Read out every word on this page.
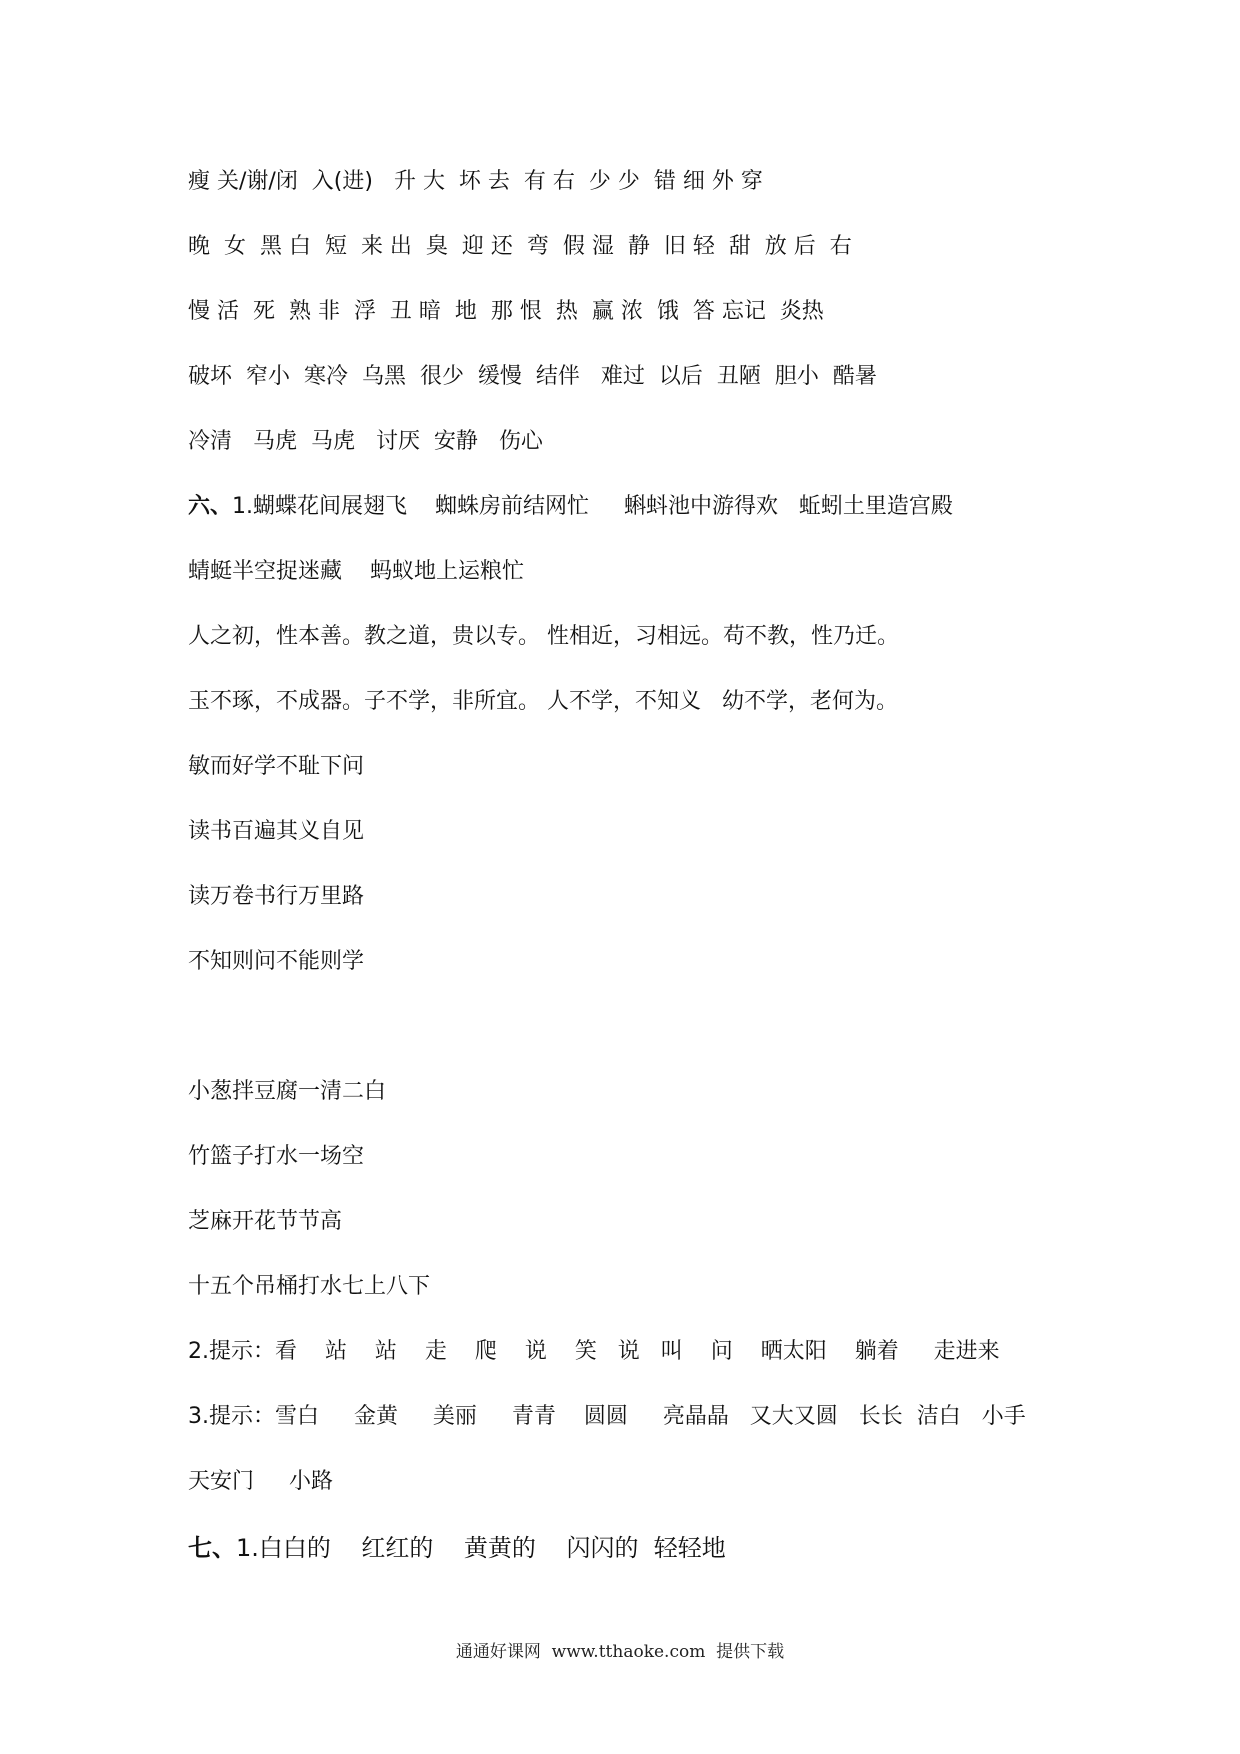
瘦 关/谢/闭  入(进)   升 大  坏 去  有 右  少 少  错 细 外 穿
晚  女  黑 白  短  来 出  臭  迎 还  弯  假 湿  静  旧 轻  甜  放 后  右
慢 活  死  熟 非  浮  丑 暗  地  那 恨  热  赢 浓  饿  答 忘记  炎热
破坏  窄小  寒冷  乌黑  很少  缓慢  结伴   难过  以后  丑陋  胆小  酷暑
冷清   马虎  马虎   讨厌  安静   伤心
六、1.蝴蝶花间展翅飞    蜘蛛房前结网忙     蝌蚪池中游得欢   蚯蚓土里造宫殿
蜻蜓半空捉迷藏    蚂蚁地上运粮忙
人之初，性本善。教之道，贵以专。 性相近，习相远。苟不教，性乃迁。
玉不琢，不成器。子不学，非所宜。 人不学，不知义   幼不学，老何为。
敏而好学不耻下问
读书百遍其义自见
读万卷书行万里路
不知则问不能则学
小葱拌豆腐一清二白
竹篮子打水一场空
芝麻开花节节高
十五个吊桶打水七上八下
2.提示：看    站    站    走    爬    说    笑   说   叫    问    晒太阳    躺着     走进来
3.提示：雪白     金黄     美丽     青青    圆圆     亮晶晶   又大又圆   长长  洁白   小手
天安门     小路
七、1.白白的    红红的    黄黄的    闪闪的  轻轻地
通通好课网  www.tthaoke.com  提供下载
